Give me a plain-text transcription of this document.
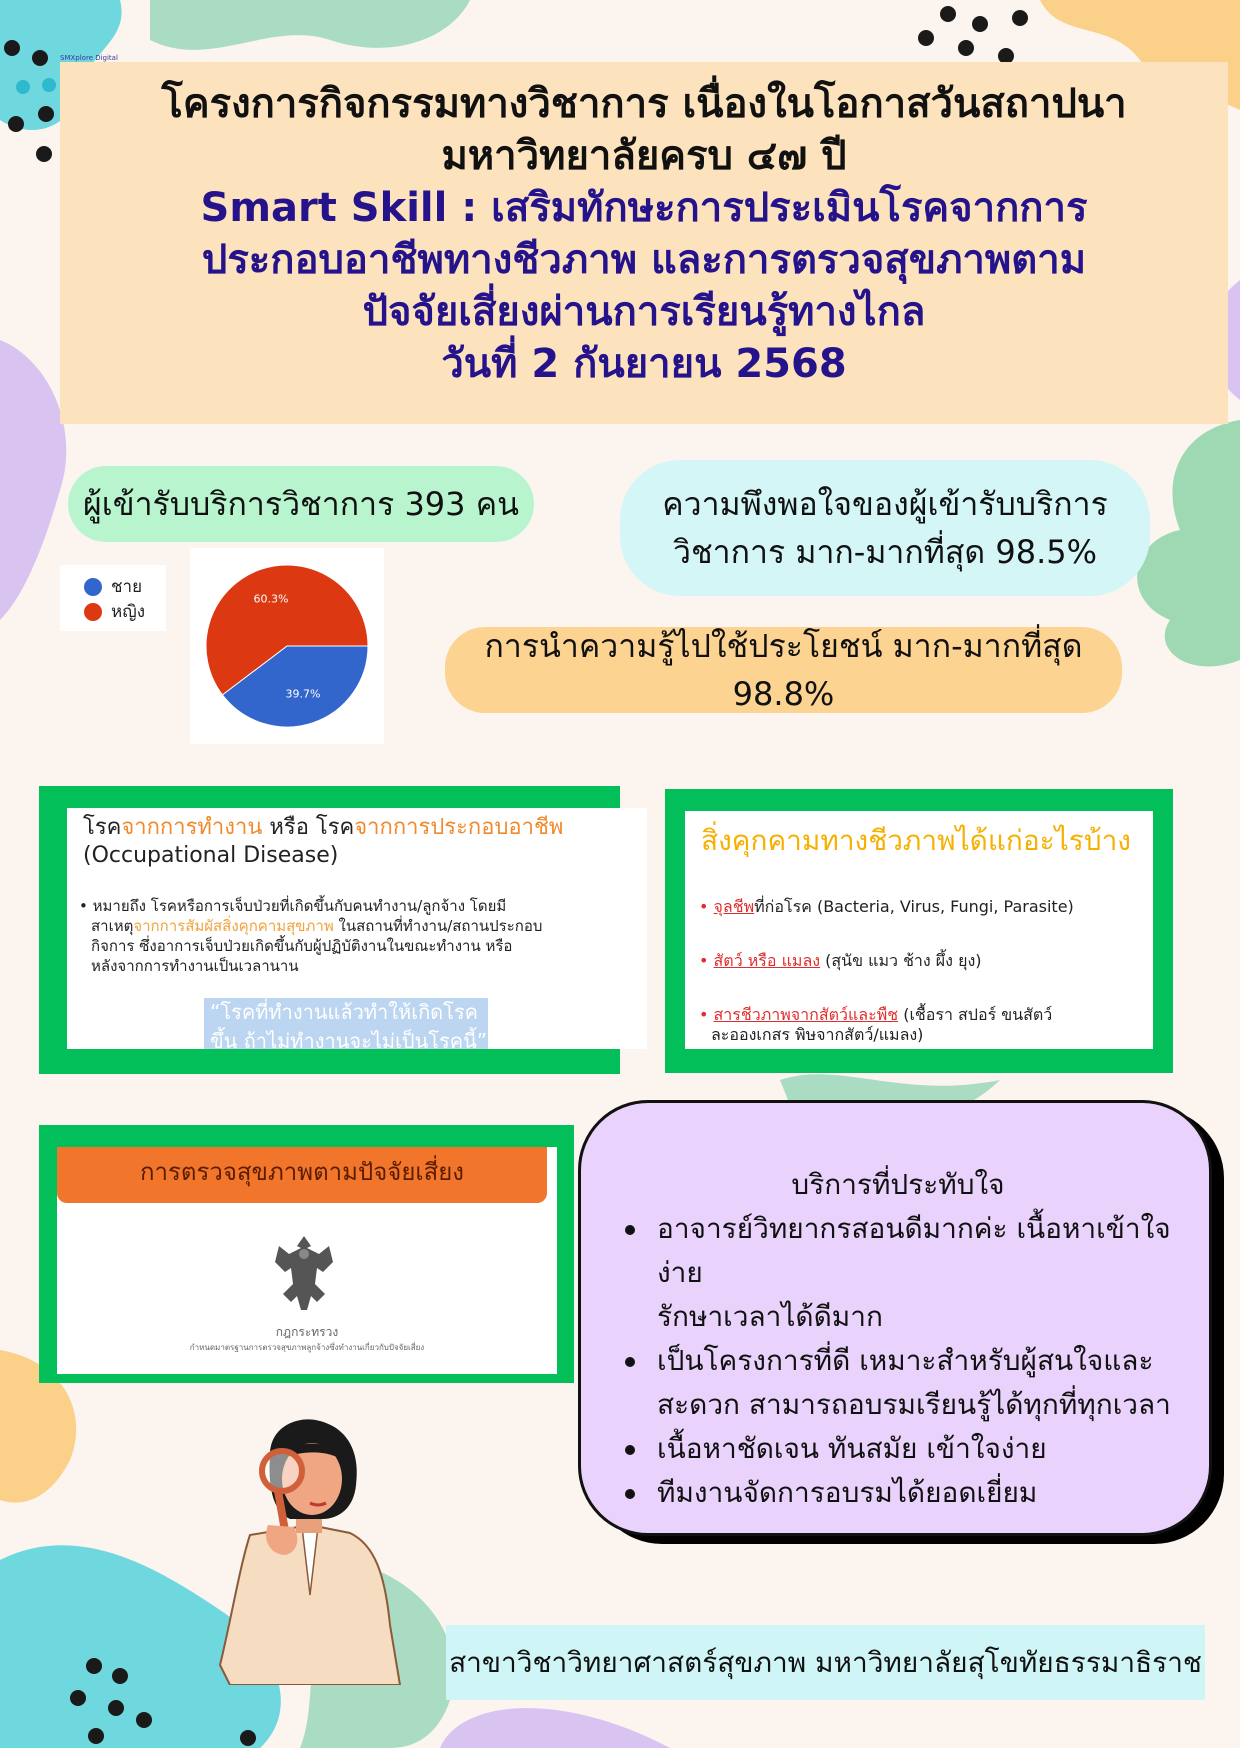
SMXplore Digital
โครงการกิจกรรมทางวิชาการ เนื่องในโอกาสวันสถาปนา
มหาวิทยาลัยครบ ๔๗ ปี
Smart Skill : เสริมทักษะการประเมินโรคจากการ
ประกอบอาชีพทางชีวภาพ และการตรวจสุขภาพตาม
ปัจจัยเสี่ยงผ่านการเรียนรู้ทางไกล
วันที่ 2 กันยายน 2568
ผู้เข้ารับบริการวิชาการ 393 คน	ความพึงพอใจของผู้เข้ารับบริการ
วิชาการ มาก-มากที่สุด 98.5%
การนำความรู้ไปใช้ประโยชน์ มาก-มากที่สุด 98.8%
ชาย
หญิง
39.7%
60.3%
โรคจากการทำงาน หรือ โรคจากการประกอบอาชีพ
(Occupational Disease)
• หมายถึง โรคหรือการเจ็บป่วยที่เกิดขึ้นกับคนทำงาน/ลูกจ้าง โดยมี
สาเหตุจากการสัมผัสสิ่งคุกคามสุขภาพ ในสถานที่ทำงาน/สถานประกอบ
กิจการ ซึ่งอาการเจ็บป่วยเกิดขึ้นกับผู้ปฏิบัติงานในขณะทำงาน หรือ
หลังจากการทำงานเป็นเวลานาน
“โรคที่ทำงานแล้วทำให้เกิดโรค
ขึ้น ถ้าไม่ทำงานจะไม่เป็นโรคนี้”
สิ่งคุกคามทางชีวภาพได้แก่อะไรบ้าง
• จุลชีพที่ก่อโรค (Bacteria, Virus, Fungi, Parasite)
• สัตว์ หรือ แมลง (สุนัข แมว ช้าง ผึ้ง ยุง)
• สารชีวภาพจากสัตว์และพืช (เชื้อรา สปอร์ ขนสัตว์
ละอองเกสร พิษจากสัตว์/แมลง)
การตรวจสุขภาพตามปัจจัยเสี่ยง
กฎกระทรวง
กำหนดมาตรฐานการตรวจสุขภาพลูกจ้างซึ่งทำงานเกี่ยวกับปัจจัยเสี่ยง
บริการที่ประทับใจ
อาจารย์วิทยากรสอนดีมากค่ะ เนื้อหาเข้าใจง่าย
รักษาเวลาได้ดีมาก
เป็นโครงการที่ดี เหมาะสำหรับผู้สนใจและ
สะดวก สามารถอบรมเรียนรู้ได้ทุกที่ทุกเวลา
เนื้อหาชัดเจน ทันสมัย เข้าใจง่าย
ทีมงานจัดการอบรมได้ยอดเยี่ยม
สาขาวิชาวิทยาศาสตร์สุขภาพ มหาวิทยาลัยสุโขทัยธรรมาธิราช
